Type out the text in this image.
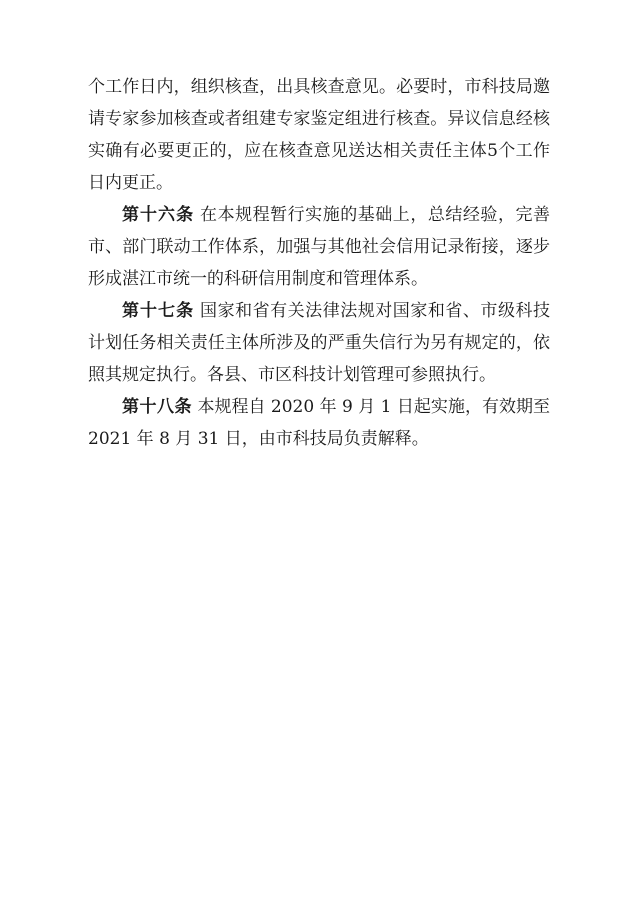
个工作日内，组织核查，出具核查意见。必要时，市科技局邀请专家参加核查或者组建专家鉴定组进行核查。异议信息经核实确有必要更正的，应在核查意见送达相关责任主体5个工作日内更正。

第十六条 在本规程暂行实施的基础上，总结经验，完善市、部门联动工作体系，加强与其他社会信用记录衔接，逐步形成湛江市统一的科研信用制度和管理体系。

第十七条 国家和省有关法律法规对国家和省、市级科技计划任务相关责任主体所涉及的严重失信行为另有规定的，依照其规定执行。各县、市区科技计划管理可参照执行。

第十八条 本规程自 2020 年 9 月 1 日起实施，有效期至 2021 年 8 月 31 日，由市科技局负责解释。
